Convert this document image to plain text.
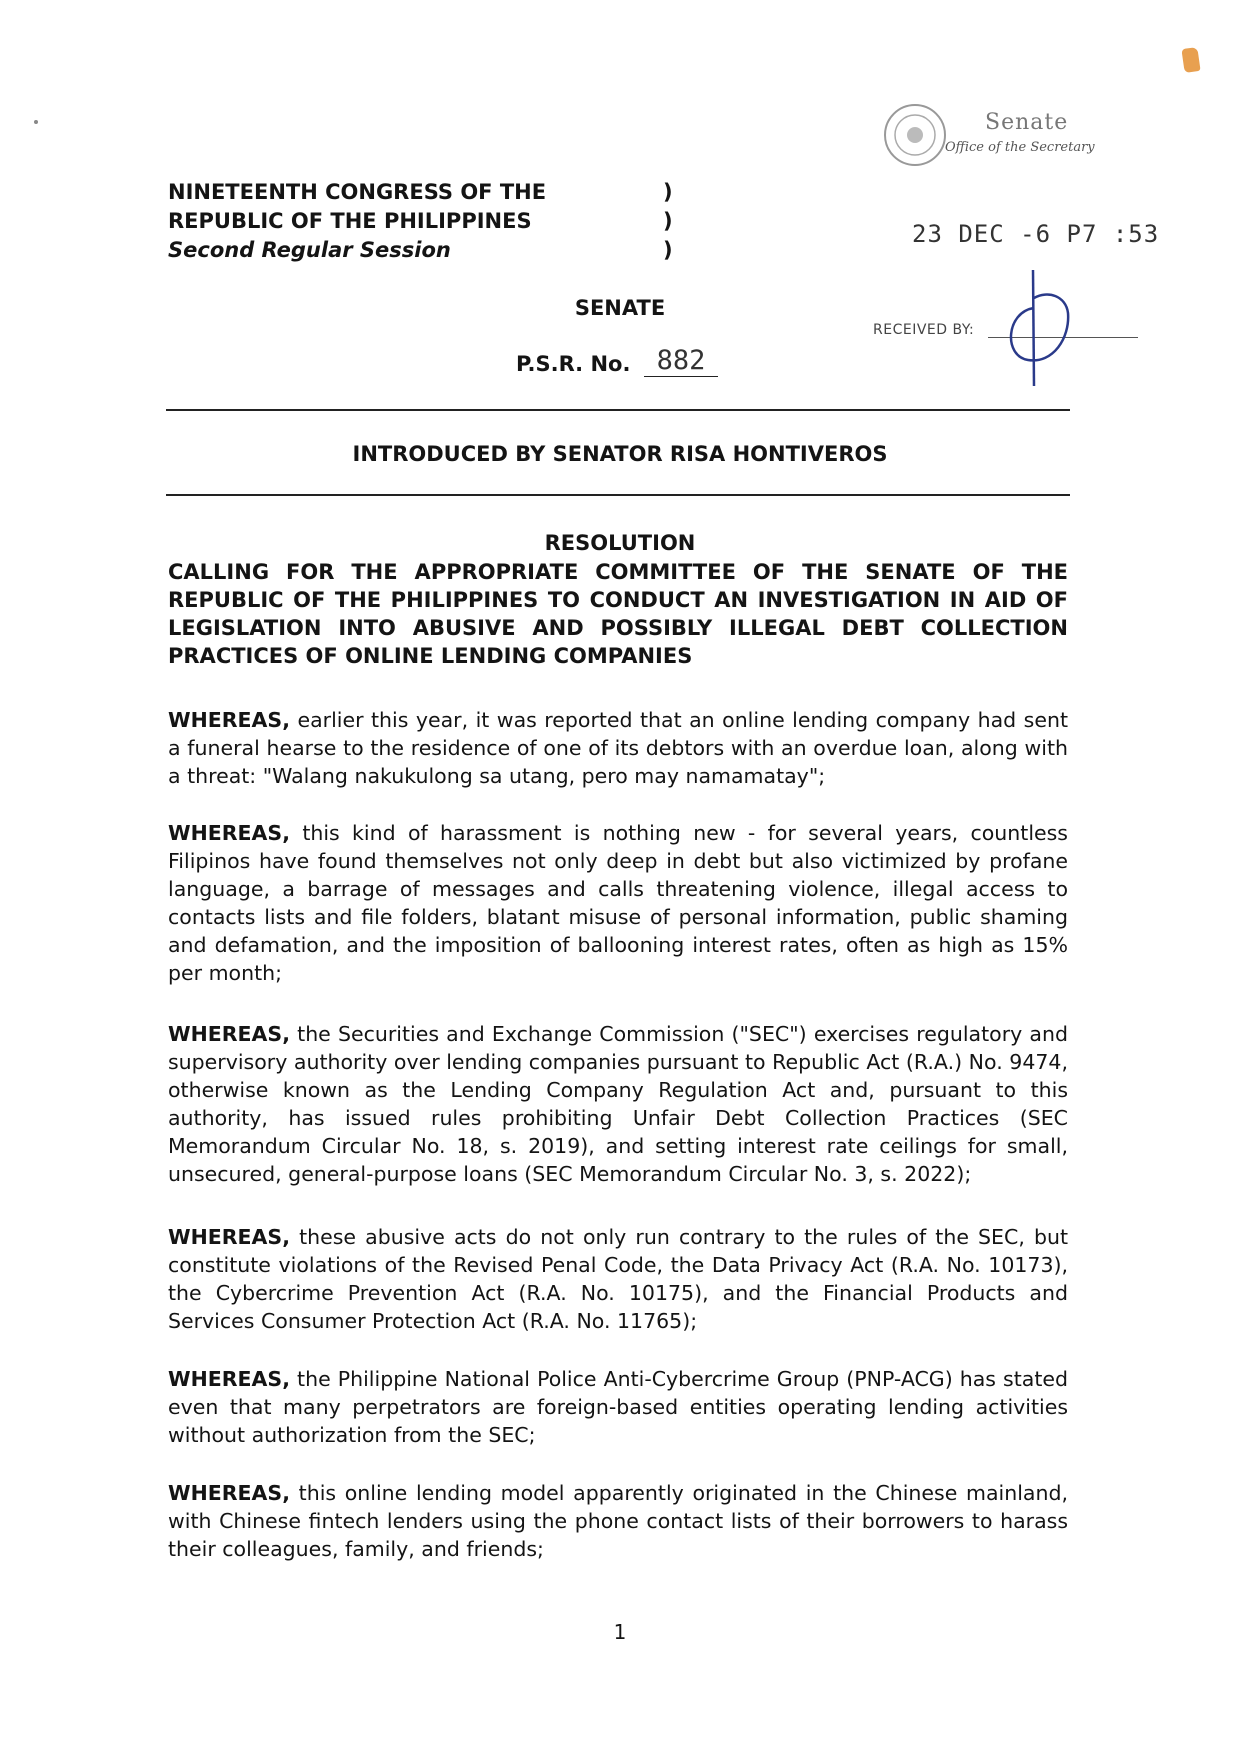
NINETEENTH CONGRESS OF THE
REPUBLIC OF THE PHILIPPINES
Second Regular Session
)
)
)
Senate
Office of the Secretary
23 DEC -6 P7 :53
RECEIVED BY:
SENATE
P.S.R. No. 882
INTRODUCED BY SENATOR RISA HONTIVEROS
RESOLUTION
CALLING FOR THE APPROPRIATE COMMITTEE OF THE SENATE OF THE REPUBLIC OF THE PHILIPPINES TO CONDUCT AN INVESTIGATION IN AID OF LEGISLATION INTO ABUSIVE AND POSSIBLY ILLEGAL DEBT COLLECTION PRACTICES OF ONLINE LENDING COMPANIES
WHEREAS, earlier this year, it was reported that an online lending company had sent a funeral hearse to the residence of one of its debtors with an overdue loan, along with a threat: "Walang nakukulong sa utang, pero may namamatay";
WHEREAS, this kind of harassment is nothing new - for several years, countless Filipinos have found themselves not only deep in debt but also victimized by profane language, a barrage of messages and calls threatening violence, illegal access to contacts lists and file folders, blatant misuse of personal information, public shaming and defamation, and the imposition of ballooning interest rates, often as high as 15% per month;
WHEREAS, the Securities and Exchange Commission ("SEC") exercises regulatory and supervisory authority over lending companies pursuant to Republic Act (R.A.) No. 9474, otherwise known as the Lending Company Regulation Act and, pursuant to this authority, has issued rules prohibiting Unfair Debt Collection Practices (SEC Memorandum Circular No. 18, s. 2019), and setting interest rate ceilings for small, unsecured, general-purpose loans (SEC Memorandum Circular No. 3, s. 2022);
WHEREAS, these abusive acts do not only run contrary to the rules of the SEC, but constitute violations of the Revised Penal Code, the Data Privacy Act (R.A. No. 10173), the Cybercrime Prevention Act (R.A. No. 10175), and the Financial Products and Services Consumer Protection Act (R.A. No. 11765);
WHEREAS, the Philippine National Police Anti-Cybercrime Group (PNP-ACG) has stated even that many perpetrators are foreign-based entities operating lending activities without authorization from the SEC;
WHEREAS, this online lending model apparently originated in the Chinese mainland, with Chinese fintech lenders using the phone contact lists of their borrowers to harass their colleagues, family, and friends;
1
